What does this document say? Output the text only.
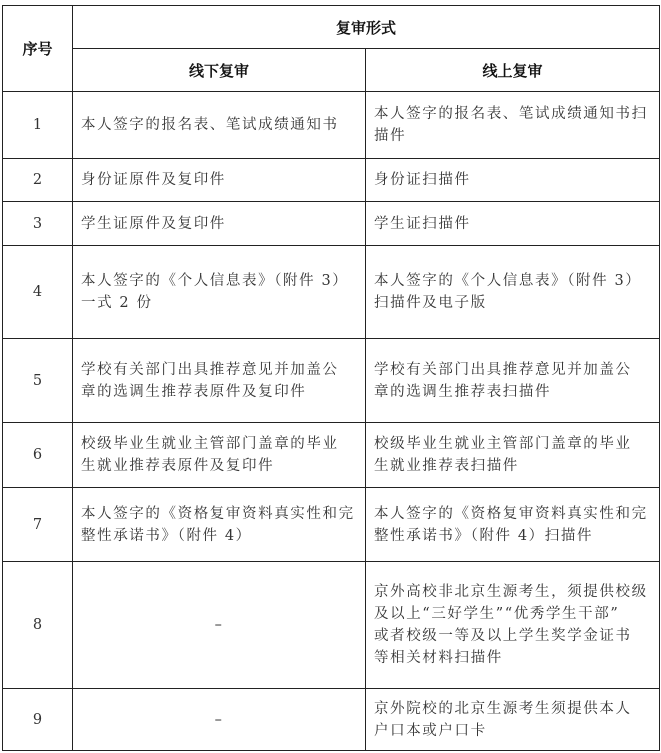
序号	复审形式	
	线下复审	线上复审
1	本人签字的报名表、笔试成绩通知书	本人签字的报名表、笔试成绩通知书扫
描件

2	身份证原件及复印件	身份证扫描件

3	学生证原件及复印件	学生证扫描件

4	本人签字的《个人信息表》（附件 3）
一式 2 份	本人签字的《个人信息表》（附件 3）
扫描件及电子版

5	学校有关部门出具推荐意见并加盖公
章的选调生推荐表原件及复印件	学校有关部门出具推荐意见并加盖公
章的选调生推荐表扫描件

6	校级毕业生就业主管部门盖章的毕业
生就业推荐表原件及复印件	校级毕业生就业主管部门盖章的毕业
生就业推荐表扫描件

7	本人签字的《资格复审资料真实性和完
整性承诺书》（附件 4）	本人签字的《资格复审资料真实性和完
整性承诺书》（附件 4）扫描件

8	–	京外高校非北京生源考生，须提供校级
及以上“三好学生”“优秀学生干部”
或者校级一等及以上学生奖学金证书
等相关材料扫描件

9	–	京外院校的北京生源考生须提供本人
户口本或户口卡
